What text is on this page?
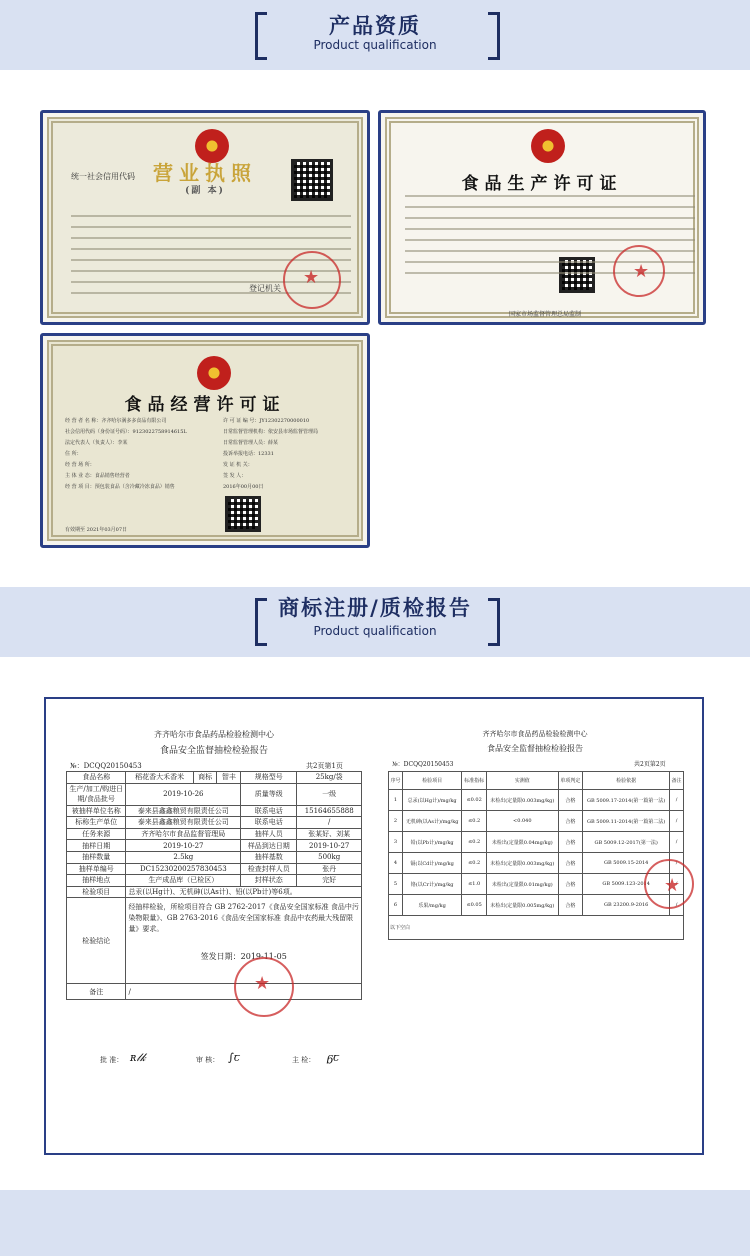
产品资质
Product qualification
营业执照
(副 本)
统一社会信用代码
★
登记机关
食品生产许可证
★
国家市场监督管理总局监制
食品经营许可证
经 营 者 名 称：齐齐哈尔满多多食品有限公司
社会信用代码（身份证号码）：9123022758914615L
法定代表人（负责人）：李某
住 所：
经 营 场 所：
主 体 业 态：食品销售经营者
经 营 项 目：预包装食品（含冷藏冷冻食品）销售
许 可 证 编 号：JY12302270000010
日常监督管理机构：依安县市场监督管理局
日常监督管理人员：薛某
投诉举报电话：12331
发 证 机 关：
签 发 人：
2016年00月00日
有效期至 2021年03月07日
商标注册/质检报告
Product qualification
齐齐哈尔市食品药品检验检测中心
食品安全监督抽检检验报告
№：DCQQ20150453	共2页第1页
食品名称	稻花香大禾香米	商标	智丰	规格型号	25kg/袋
生产/加工/购进日期/食品批号	2019-10-26			质量等级	一级
被抽样单位名称	泰来县鑫鑫粮贸有限责任公司			联系电话	15164655888
标称生产单位	泰来县鑫鑫粮贸有限责任公司			联系电话	/
任务来源	齐齐哈尔市食品监督管理局			抽样人员	张某好、刘某
抽样日期	2019-10-27			样品到达日期	2019-10-27
抽样数量	2.5kg			抽样基数	500kg
抽样单编号	DC15230200257830453			检查封样人员	张丹
抽样地点	生产成品库（已检区）			封样状态	完好
检验项目	总汞(以Hg计)、无机砷(以As计)、铅(以Pb计)等6项。				
检验结论	经抽样检验，所检项目符合 GB 2762-2017《食品安全国家标准 食品中污染物限量》、GB 2763-2016《食品安全国家标准 食品中农药最大残留限量》要求。
签发日期：2019-11-05				

备注	/				
★
批 准： ʀ𝓁𝓀	审 核： ∫ꞇ	主 检： ᵷꞇ
齐齐哈尔市食品药品检验检测中心
食品安全监督抽检检验报告
№：DCQQ20150453	共2页第2页
序号	检验项目	标准指标	实测值	单项判定	检验依据	备注
1	总汞(以Hg计)/mg/kg	≤0.02	未检出(定量限0.003mg/kg)	合格	GB 5009.17-2014(第一篇第一法)	/
2	无机砷(以As计)/mg/kg	≤0.2	<0.040	合格	GB 5009.11-2014(第一篇第二法)	/
3	铅(以Pb计)/mg/kg	≤0.2	未检出(定量限0.04mg/kg)	合格	GB 5009.12-2017(第一法)	/
4	镉(以Cd计)/mg/kg	≤0.2	未检出(定量限0.003mg/kg)	合格	GB 5009.15-2014	/
5	铬(以Cr计)/mg/kg	≤1.0	未检出(定量限0.01mg/kg)	合格	GB 5009.123-2014	/
6	乐果/mg/kg	≤0.05	未检出(定量限0.005mg/kg)	合格	GB 23200.9-2016	/
以下空白						
★
